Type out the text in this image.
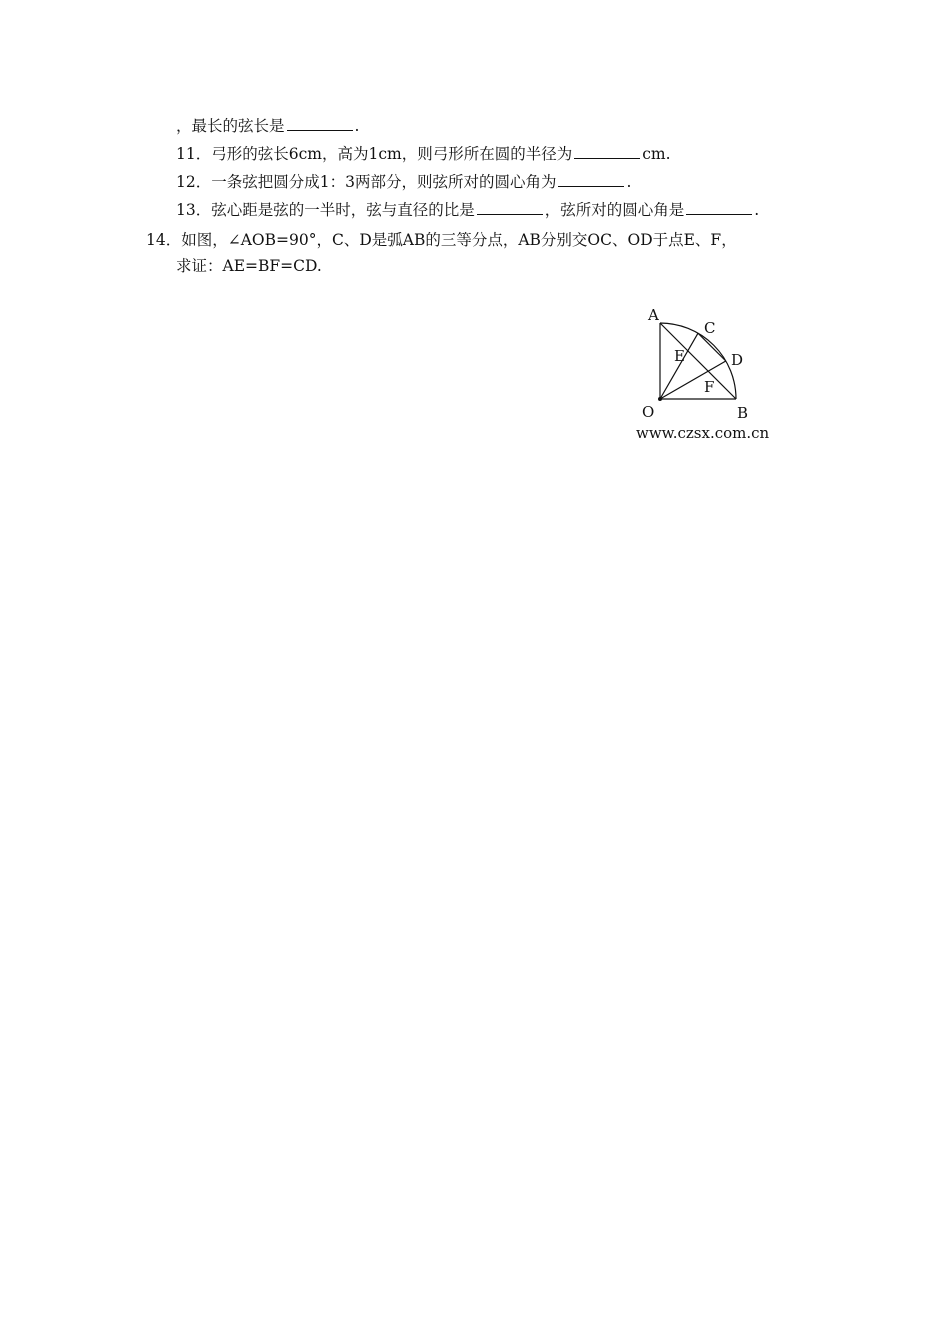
，最长的弦长是	.
11．弓形的弦长6cm，高为1cm，则弓形所在圆的半径为	cm.
12．一条弦把圆分成1：3两部分，则弦所对的圆心角为	.
13．弦心距是弦的一半时，弦与直径的比是	，弦所对的圆心角是	.
14．如图，∠AOB=90°，C、D是弧AB的三等分点，AB分别交OC、OD于点E、F，
求证：AE=BF=CD.
A
C
E	D
F
O	B
www.czsx.com.cn
